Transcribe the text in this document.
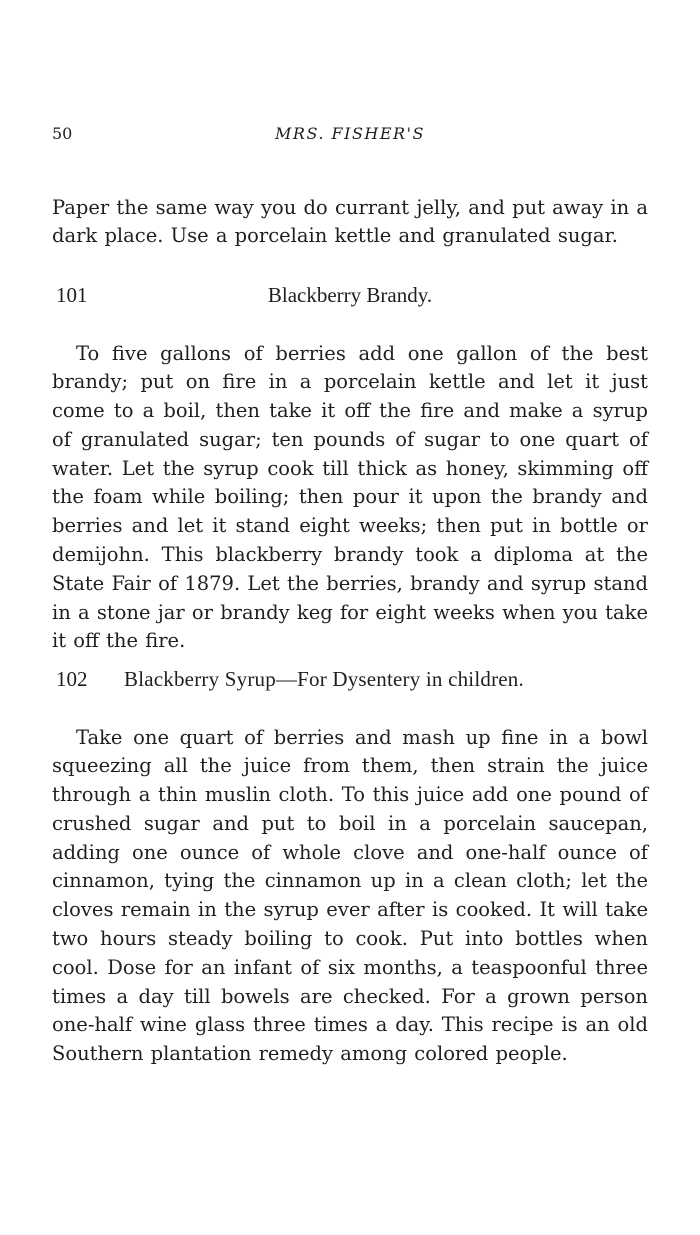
50	MRS. FISHER'S

Paper the same way you do currant jelly, and put away in a dark place. Use a porcelain kettle and granulated sugar.

101	Blackberry Brandy.

To five gallons of berries add one gallon of the best brandy; put on fire in a porcelain kettle and let it just come to a boil, then take it off the fire and make a syrup of granulated sugar; ten pounds of sugar to one quart of water. Let the syrup cook till thick as honey, skimming off the foam while boiling; then pour it upon the brandy and berries and let it stand eight weeks; then put in bottle or demijohn. This blackberry brandy took a diploma at the State Fair of 1879. Let the berries, brandy and syrup stand in a stone jar or brandy keg for eight weeks when you take it off the fire.

102 Blackberry Syrup—For Dysentery in children.

Take one quart of berries and mash up fine in a bowl squeezing all the juice from them, then strain the juice through a thin muslin cloth. To this juice add one pound of crushed sugar and put to boil in a porcelain saucepan, adding one ounce of whole clove and one-half ounce of cinnamon, tying the cinnamon up in a clean cloth; let the cloves remain in the syrup ever after is cooked. It will take two hours steady boiling to cook. Put into bottles when cool. Dose for an infant of six months, a teaspoonful three times a day till bowels are checked. For a grown person one-half wine glass three times a day. This recipe is an old Southern plantation remedy among colored people.
